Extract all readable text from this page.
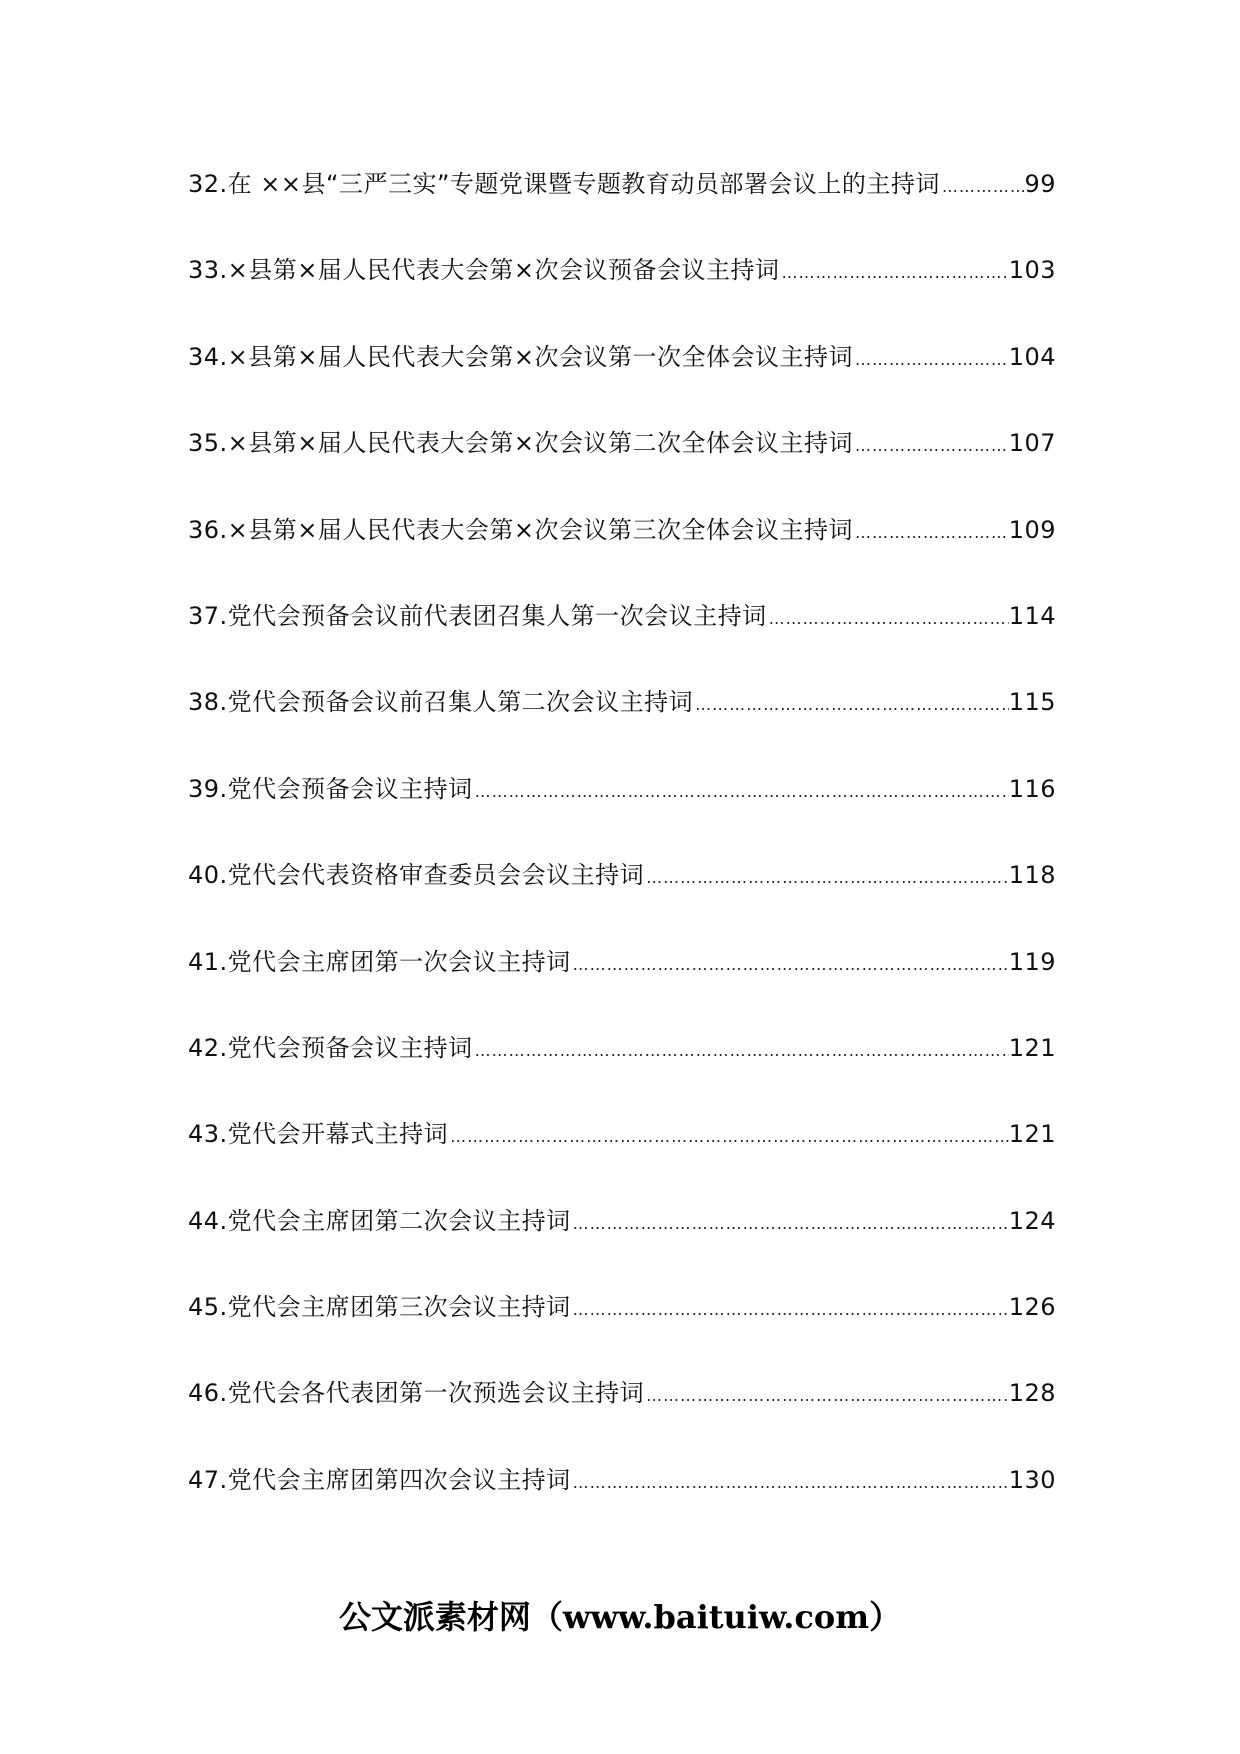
32.在 ××县“三严三实”专题党课暨专题教育动员部署会议上的主持词 …………………………………………………………………………………………………………………………………………………………………………	99
33.×县第×届人民代表大会第×次会议预备会议主持词 …………………………………………………………………………………………………………………………………………………………………………	103
34.×县第×届人民代表大会第×次会议第一次全体会议主持词 …………………………………………………………………………………………………………………………………………………………………………	104
35.×县第×届人民代表大会第×次会议第二次全体会议主持词 …………………………………………………………………………………………………………………………………………………………………………	107
36.×县第×届人民代表大会第×次会议第三次全体会议主持词 …………………………………………………………………………………………………………………………………………………………………………	109
37.党代会预备会议前代表团召集人第一次会议主持词 …………………………………………………………………………………………………………………………………………………………………………	114
38.党代会预备会议前召集人第二次会议主持词 …………………………………………………………………………………………………………………………………………………………………………	115
39.党代会预备会议主持词 …………………………………………………………………………………………………………………………………………………………………………	116
40.党代会代表资格审查委员会会议主持词 …………………………………………………………………………………………………………………………………………………………………………	118
41.党代会主席团第一次会议主持词 …………………………………………………………………………………………………………………………………………………………………………	119
42.党代会预备会议主持词 …………………………………………………………………………………………………………………………………………………………………………	121
43.党代会开幕式主持词 …………………………………………………………………………………………………………………………………………………………………………	121
44.党代会主席团第二次会议主持词 …………………………………………………………………………………………………………………………………………………………………………	124
45.党代会主席团第三次会议主持词 …………………………………………………………………………………………………………………………………………………………………………	126
46.党代会各代表团第一次预选会议主持词 …………………………………………………………………………………………………………………………………………………………………………	128
47.党代会主席团第四次会议主持词 …………………………………………………………………………………………………………………………………………………………………………	130
公文派素材网（www.baituiw.com）
